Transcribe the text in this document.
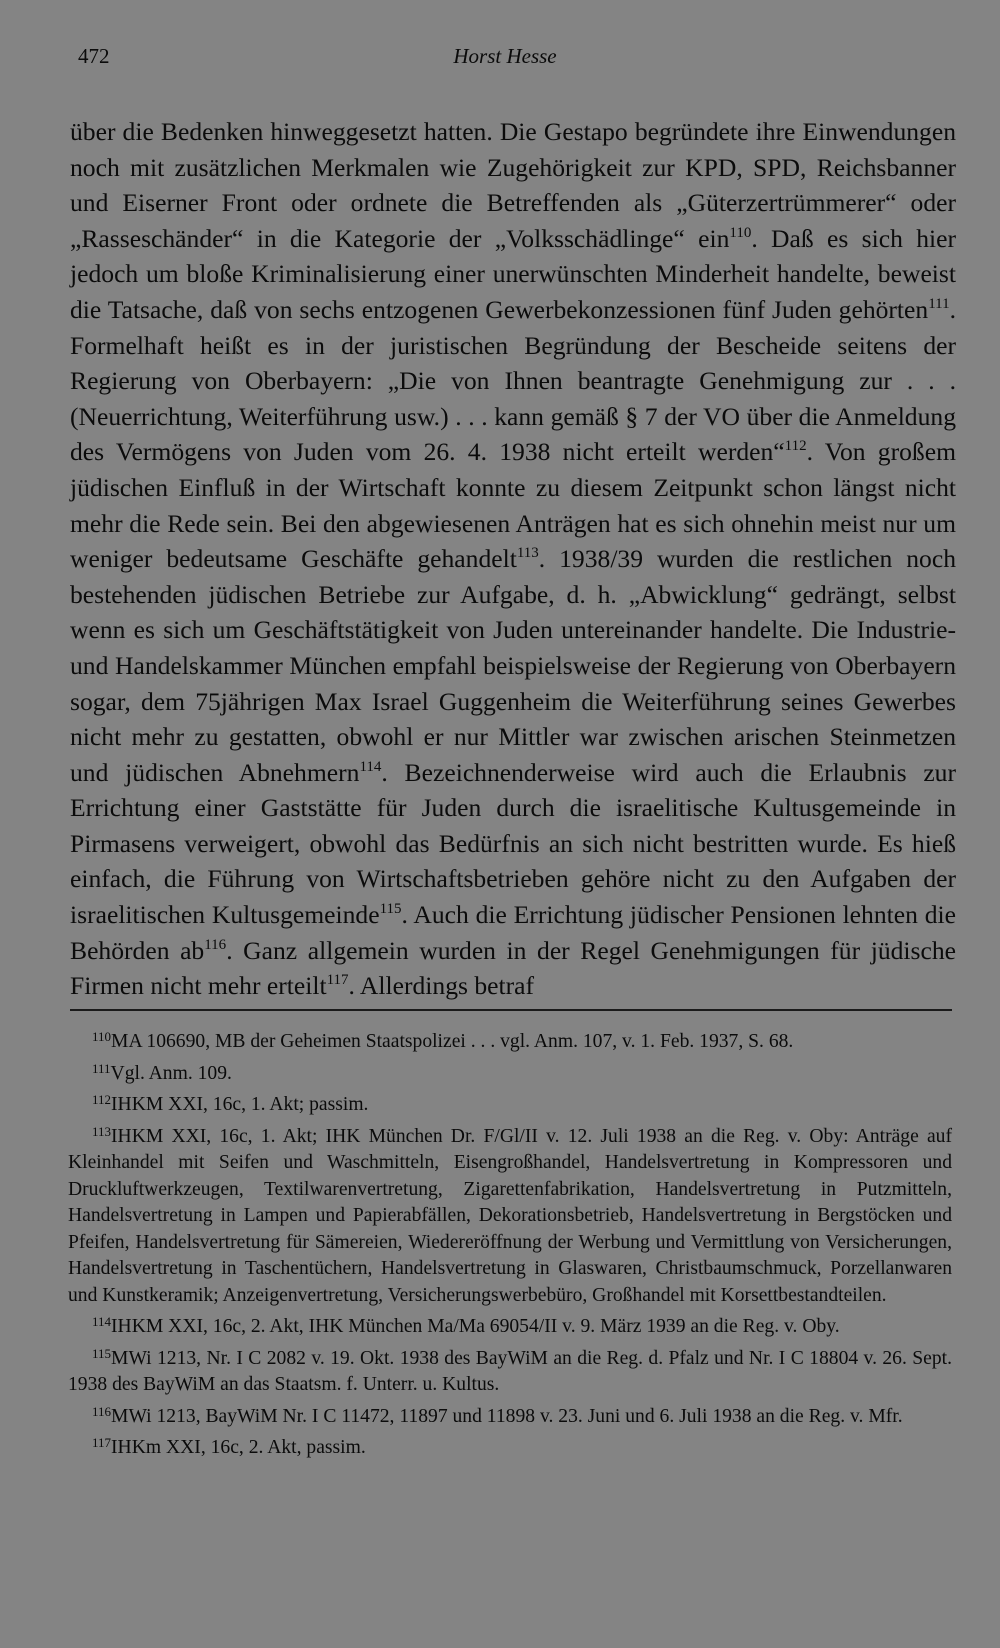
472	Horst Hesse

über die Bedenken hinweggesetzt hatten. Die Gestapo begründete ihre Einwendungen noch mit zusätzlichen Merkmalen wie Zugehörigkeit zur KPD, SPD, Reichsbanner und Eiserner Front oder ordnete die Betreffenden als „Güterzertrümmerer“ oder „Rasseschänder“ in die Kategorie der „Volksschädlinge“ ein$^{110}$. Daß es sich hier jedoch um bloße Kriminalisierung einer unerwünschten Minderheit handelte, beweist die Tatsache, daß von sechs entzogenen Gewerbekonzessionen fünf Juden gehörten$^{111}$. Formelhaft heißt es in der juristischen Begründung der Bescheide seitens der Regierung von Oberbayern: „Die von Ihnen beantragte Genehmigung zur . . . (Neuerrichtung, Weiterführung usw.) . . . kann gemäß § 7 der VO über die Anmeldung des Vermögens von Juden vom 26. 4. 1938 nicht erteilt werden“$^{112}$. Von großem jüdischen Einfluß in der Wirtschaft konnte zu diesem Zeitpunkt schon längst nicht mehr die Rede sein. Bei den abgewiesenen Anträgen hat es sich ohnehin meist nur um weniger bedeutsame Geschäfte gehandelt$^{113}$. 1938/39 wurden die restlichen noch bestehenden jüdischen Betriebe zur Aufgabe, d. h. „Abwicklung“ gedrängt, selbst wenn es sich um Geschäftstätigkeit von Juden untereinander handelte. Die Industrie- und Handelskammer München empfahl beispielsweise der Regierung von Oberbayern sogar, dem 75jährigen Max Israel Guggenheim die Weiterführung seines Gewerbes nicht mehr zu gestatten, obwohl er nur Mittler war zwischen arischen Steinmetzen und jüdischen Abnehmern$^{114}$. Bezeichnenderweise wird auch die Erlaubnis zur Errichtung einer Gaststätte für Juden durch die israelitische Kultusgemeinde in Pirmasens verweigert, obwohl das Bedürfnis an sich nicht bestritten wurde. Es hieß einfach, die Führung von Wirtschaftsbetrieben gehöre nicht zu den Aufgaben der israelitischen Kultusgemeinde$^{115}$. Auch die Errichtung jüdischer Pensionen lehnten die Behörden ab$^{116}$. Ganz allgemein wurden in der Regel Genehmigungen für jüdische Firmen nicht mehr erteilt$^{117}$. Allerdings betraf

$^{110}$MA 106690, MB der Geheimen Staatspolizei . . . vgl. Anm. 107, v. 1. Feb. 1937, S. 68.

$^{111}$Vgl. Anm. 109.

$^{112}$IHKM XXI, 16c, 1. Akt; passim.

$^{113}$IHKM XXI, 16c, 1. Akt; IHK München Dr. F/Gl/II v. 12. Juli 1938 an die Reg. v. Oby: Anträge auf Kleinhandel mit Seifen und Waschmitteln, Eisengroßhandel, Handelsvertretung in Kompressoren und Druckluftwerkzeugen, Textilwarenvertretung, Zigarettenfabrikation, Handelsvertretung in Putzmitteln, Handelsvertretung in Lampen und Papierabfällen, Dekorationsbetrieb, Handelsvertretung in Bergstöcken und Pfeifen, Handelsvertretung für Sämereien, Wiedereröffnung der Werbung und Vermittlung von Versicherungen, Handelsvertretung in Taschentüchern, Handelsvertretung in Glaswaren, Christbaumschmuck, Porzellanwaren und Kunstkeramik; Anzeigenvertretung, Versicherungswerbebüro, Großhandel mit Korsettbestandteilen.

$^{114}$IHKM XXI, 16c, 2. Akt, IHK München Ma/Ma 69054/II v. 9. März 1939 an die Reg. v. Oby.

$^{115}$MWi 1213, Nr. I C 2082 v. 19. Okt. 1938 des BayWiM an die Reg. d. Pfalz und Nr. I C 18804 v. 26. Sept. 1938 des BayWiM an das Staatsm. f. Unterr. u. Kultus.

$^{116}$MWi 1213, BayWiM Nr. I C 11472, 11897 und 11898 v. 23. Juni und 6. Juli 1938 an die Reg. v. Mfr.

$^{117}$IHKm XXI, 16c, 2. Akt, passim.
